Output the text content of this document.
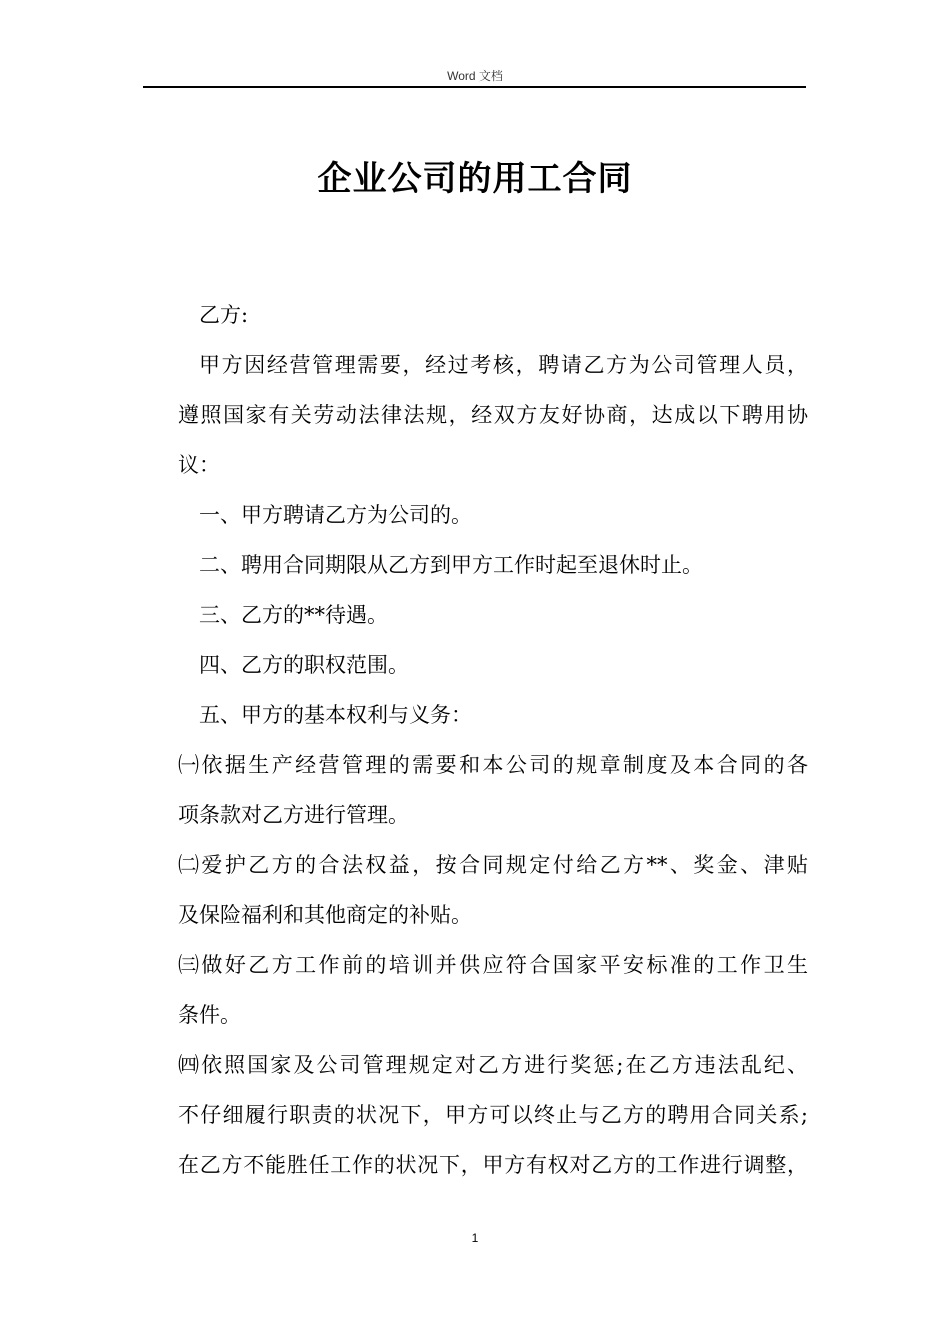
Word 文档
企业公司的用工合同
乙方:
甲方因经营管理需要，经过考核，聘请乙方为公司管理人员，
遵照国家有关劳动法律法规，经双方友好协商，达成以下聘用协
议：
一、甲方聘请乙方为公司的。
二、聘用合同期限从乙方到甲方工作时起至退休时止。
三、乙方的**待遇。
四、乙方的职权范围。
五、甲方的基本权利与义务：
㈠依据生产经营管理的需要和本公司的规章制度及本合同的各
项条款对乙方进行管理。
㈡爱护乙方的合法权益，按合同规定付给乙方**、奖金、津贴
及保险福利和其他商定的补贴。
㈢做好乙方工作前的培训并供应符合国家平安标准的工作卫生
条件。
㈣依照国家及公司管理规定对乙方进行奖惩;在乙方违法乱纪、
不仔细履行职责的状况下，甲方可以终止与乙方的聘用合同关系;
在乙方不能胜任工作的状况下，甲方有权对乙方的工作进行调整，
1
